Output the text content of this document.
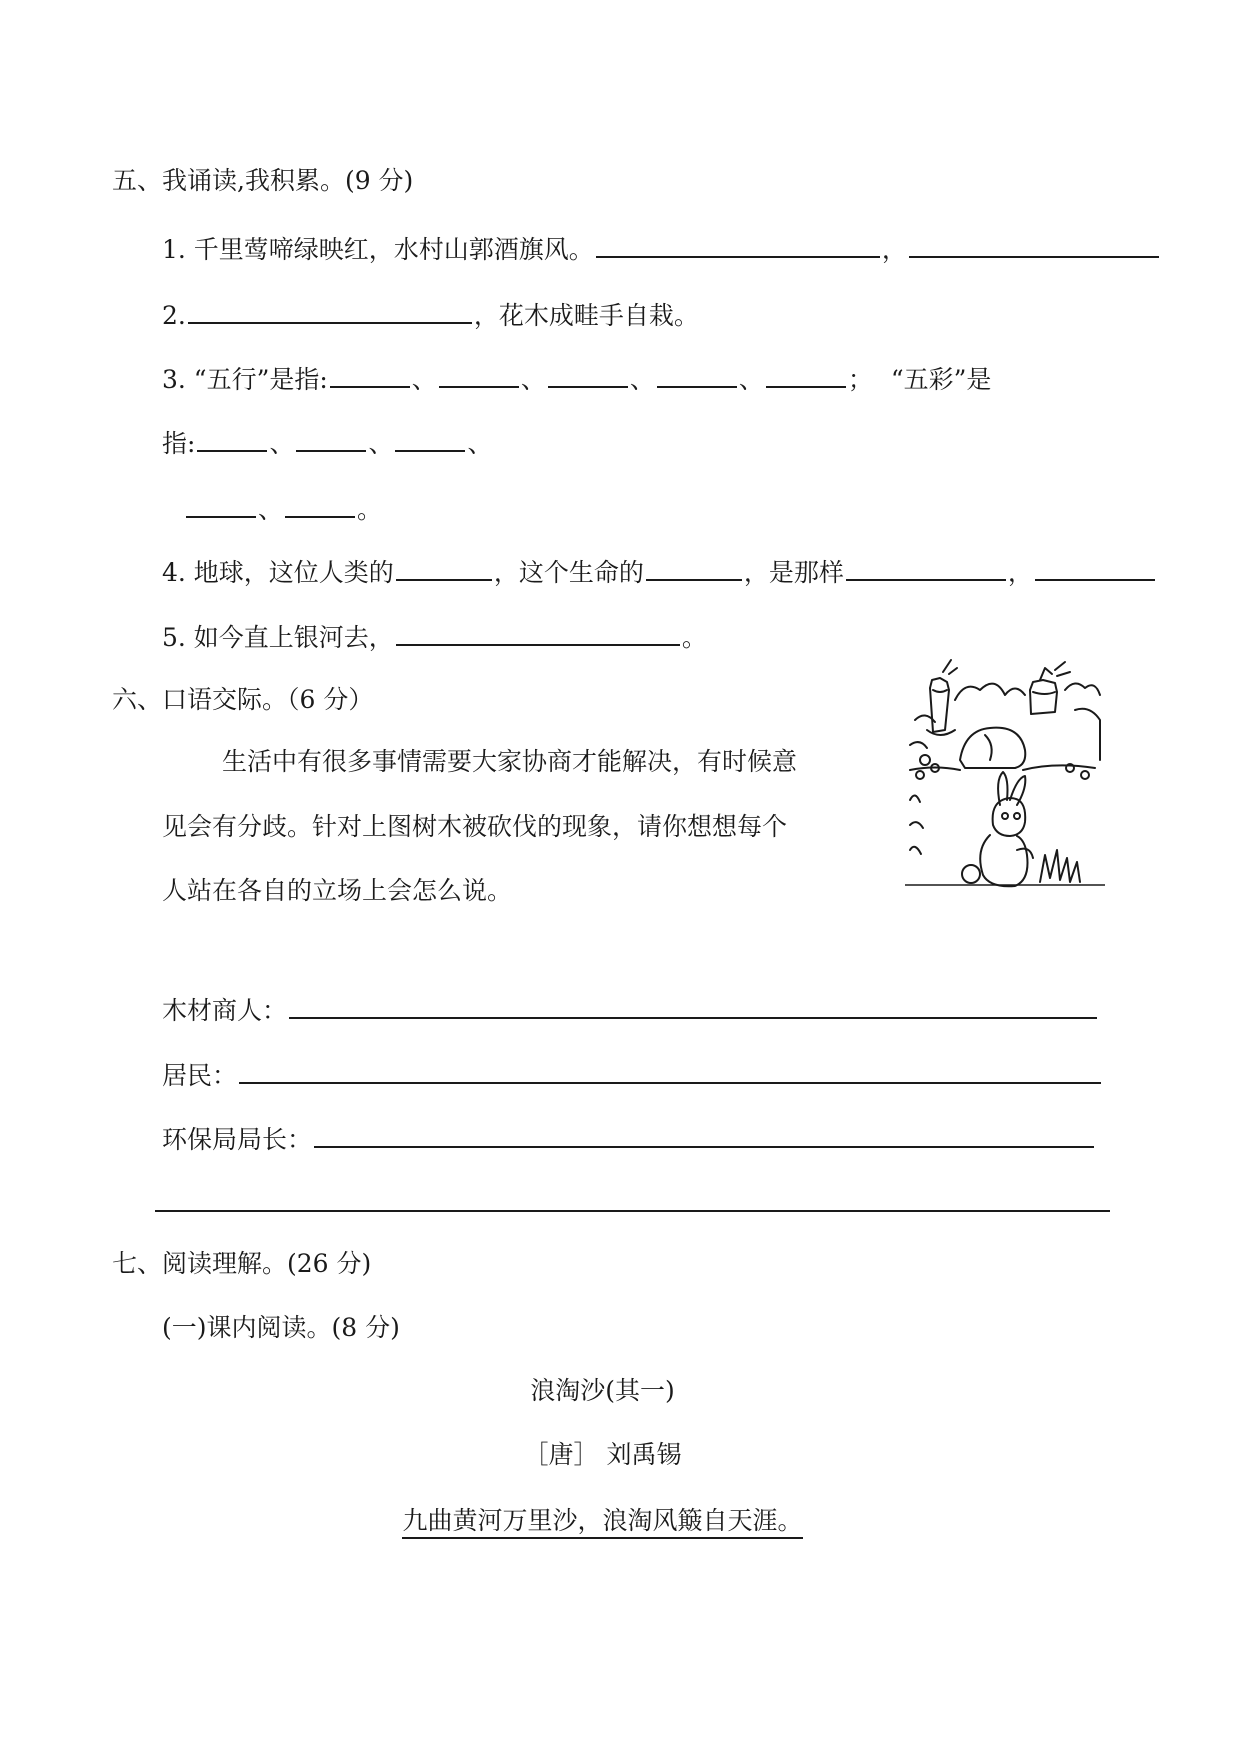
五、我诵读,我积累。(9 分)
1. 千里莺啼绿映红，水村山郭酒旗风。	，
2.	，花木成畦手自栽。
3. “五行”是指:	、	、	、	、	； “五彩”是
指:	、	、	、
、	。
4. 地球，这位人类的	，这个生命的	，是那样	，
5. 如今直上银河去，	。
六、口语交际。（6 分）
生活中有很多事情需要大家协商才能解决，有时候意
见会有分歧。针对上图树木被砍伐的现象，请你想想每个
人站在各自的立场上会怎么说。
木材商人：
居民：
环保局局长：
七、阅读理解。(26 分)
(一)课内阅读。(8 分)
浪淘沙(其一)
［唐］ 刘禹锡
九曲黄河万里沙，浪淘风簸自天涯。
